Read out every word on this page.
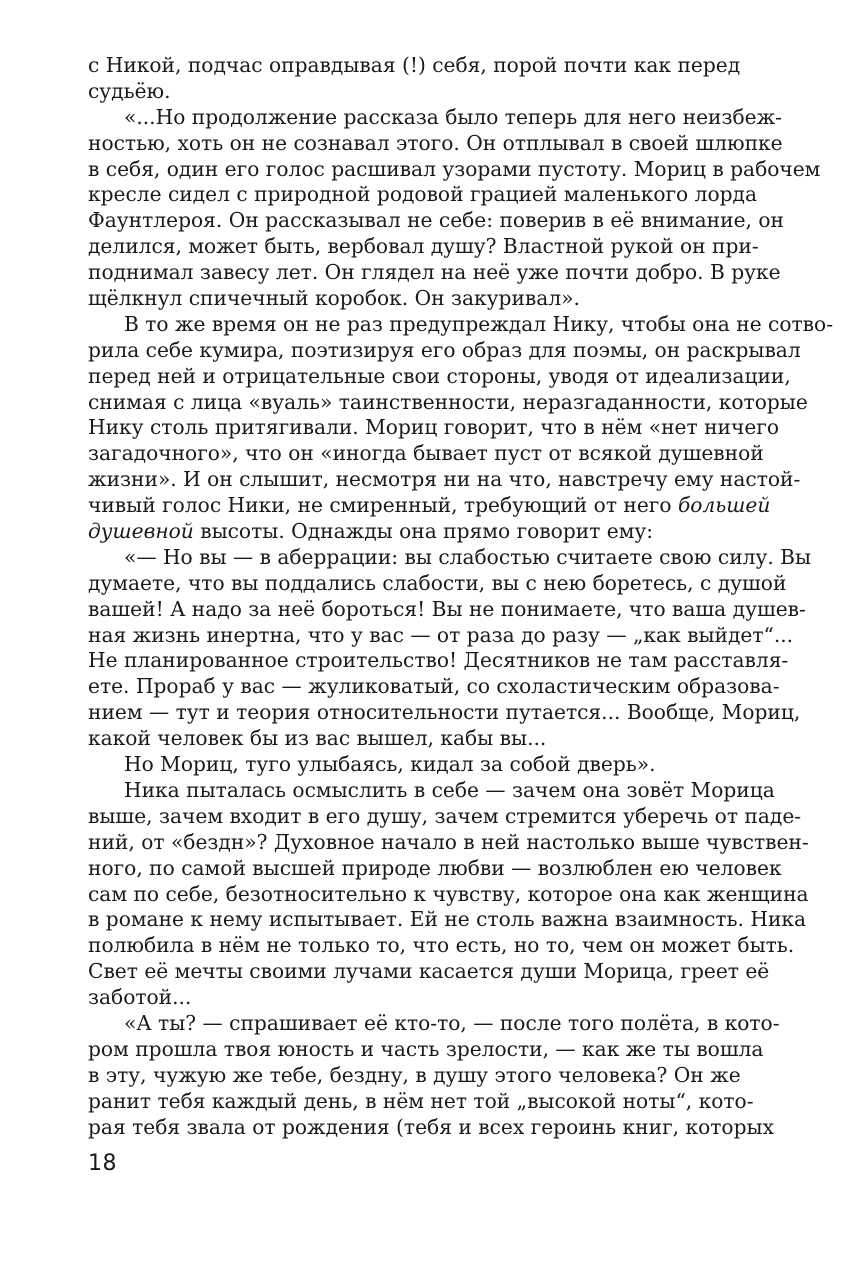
с Никой, подчас оправдывая (!) себя, порой почти как перед
судьёю.
«...Но продолжение рассказа было теперь для него неизбеж-
ностью, хоть он не сознавал этого. Он отплывал в своей шлюпке
в себя, один его голос расшивал узорами пустоту. Мориц в рабочем
кресле сидел с природной родовой грацией маленького лорда
Фаунтлероя. Он рассказывал не себе: поверив в её внимание, он
делился, может быть, вербовал душу? Властной рукой он при-
поднимал завесу лет. Он глядел на неё уже почти добро. В руке
щёлкнул спичечный коробок. Он закуривал».
В то же время он не раз предупреждал Нику, чтобы она не сотво-
рила себе кумира, поэтизируя его образ для поэмы, он раскрывал
перед ней и отрицательные свои стороны, уводя от идеализации,
снимая с лица «вуаль» таинственности, неразгаданности, которые
Нику столь притягивали. Мориц говорит, что в нём «нет ничего
загадочного», что он «иногда бывает пуст от всякой душевной
жизни». И он слышит, несмотря ни на что, навстречу ему настой-
чивый голос Ники, не смиренный, требующий от него большей
душевной высоты. Однажды она прямо говорит ему:
«— Но вы — в аберрации: вы слабостью считаете свою силу. Вы
думаете, что вы поддались слабости, вы с нею боретесь, с душой
вашей! А надо за неё бороться! Вы не понимаете, что ваша душев-
ная жизнь инертна, что у вас — от раза до разу — „как выйдет“...
Не планированное строительство! Десятников не там расставля-
ете. Прораб у вас — жуликоватый, со схоластическим образова-
нием — тут и теория относительности путается... Вообще, Мориц,
какой человек бы из вас вышел, кабы вы...
Но Мориц, туго улыбаясь, кидал за собой дверь».
Ника пыталась осмыслить в себе — зачем она зовёт Морица
выше, зачем входит в его душу, зачем стремится уберечь от паде-
ний, от «бездн»? Духовное начало в ней настолько выше чувствен-
ного, по самой высшей природе любви — возлюблен ею человек
сам по себе, безотносительно к чувству, которое она как женщина
в романе к нему испытывает. Ей не столь важна взаимность. Ника
полюбила в нём не только то, что есть, но то, чем он может быть.
Свет её мечты своими лучами касается души Морица, греет её
заботой...
«А ты? — спрашивает её кто-то, — после того полёта, в кото-
ром прошла твоя юность и часть зрелости, — как же ты вошла
в эту, чужую же тебе, бездну, в душу этого человека? Он же
ранит тебя каждый день, в нём нет той „высокой ноты“, кото-
рая тебя звала от рождения (тебя и всех героинь книг, которых
18
